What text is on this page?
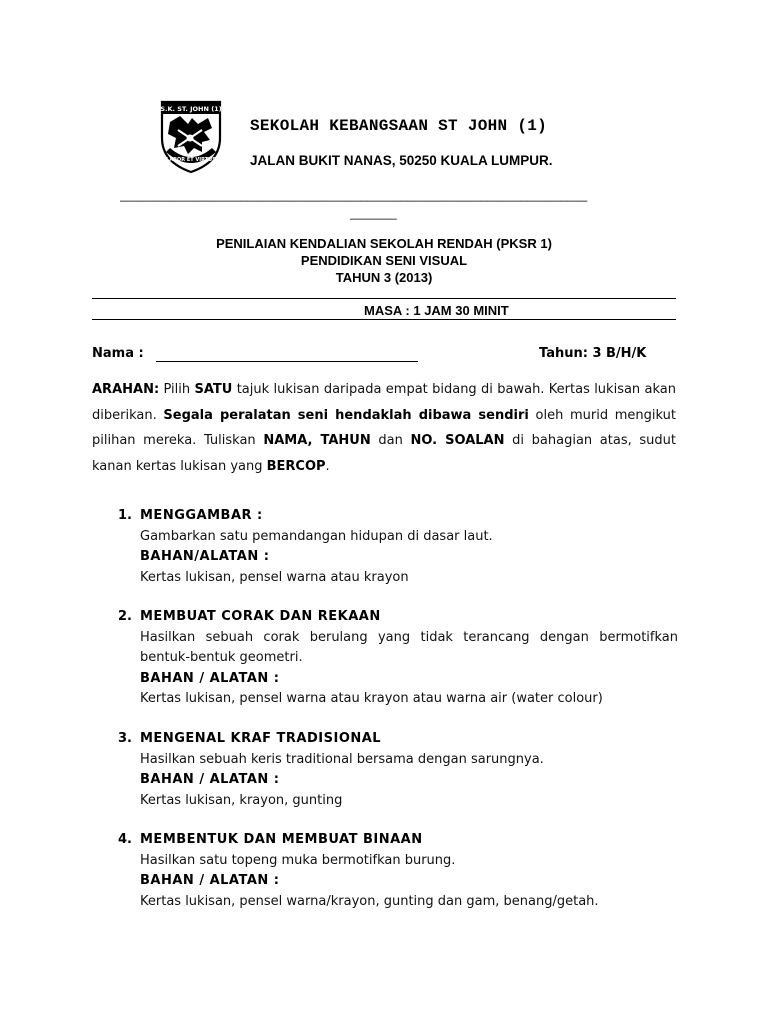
S.K. ST. JOHN (1)
LABOR ET VIRTUS
SEKOLAH KEBANGSAAN ST JOHN (1)
JALAN BUKIT NANAS, 50250 KUALA LUMPUR.
______________________________________________________________________
_______
PENILAIAN KENDALIAN SEKOLAH RENDAH (PKSR 1)
PENDIDIKAN SENI VISUAL
TAHUN 3 (2013)
MASA : 1 JAM 30 MINIT
Nama :	Tahun: 3 B/H/K
ARAHAN: Pilih SATU tajuk lukisan daripada empat bidang di bawah. Kertas lukisan akan diberikan. Segala peralatan seni hendaklah dibawa sendiri oleh murid mengikut pilihan mereka. Tuliskan NAMA, TAHUN dan NO. SOALAN di bahagian atas, sudut kanan kertas lukisan yang BERCOP.
1. MENGGAMBAR :
Gambarkan satu pemandangan hidupan di dasar laut.
BAHAN/ALATAN :
Kertas lukisan, pensel warna atau krayon
2. MEMBUAT CORAK DAN REKAAN
Hasilkan sebuah corak berulang yang tidak terancang dengan bermotifkan bentuk-bentuk geometri.
BAHAN / ALATAN :
Kertas lukisan, pensel warna atau krayon atau warna air (water colour)
3. MENGENAL KRAF TRADISIONAL
Hasilkan sebuah keris traditional bersama dengan sarungnya.
BAHAN / ALATAN :
Kertas lukisan, krayon, gunting
4. MEMBENTUK DAN MEMBUAT BINAAN
Hasilkan satu topeng muka bermotifkan burung.
BAHAN / ALATAN :
Kertas lukisan, pensel warna/krayon, gunting dan gam, benang/getah.
